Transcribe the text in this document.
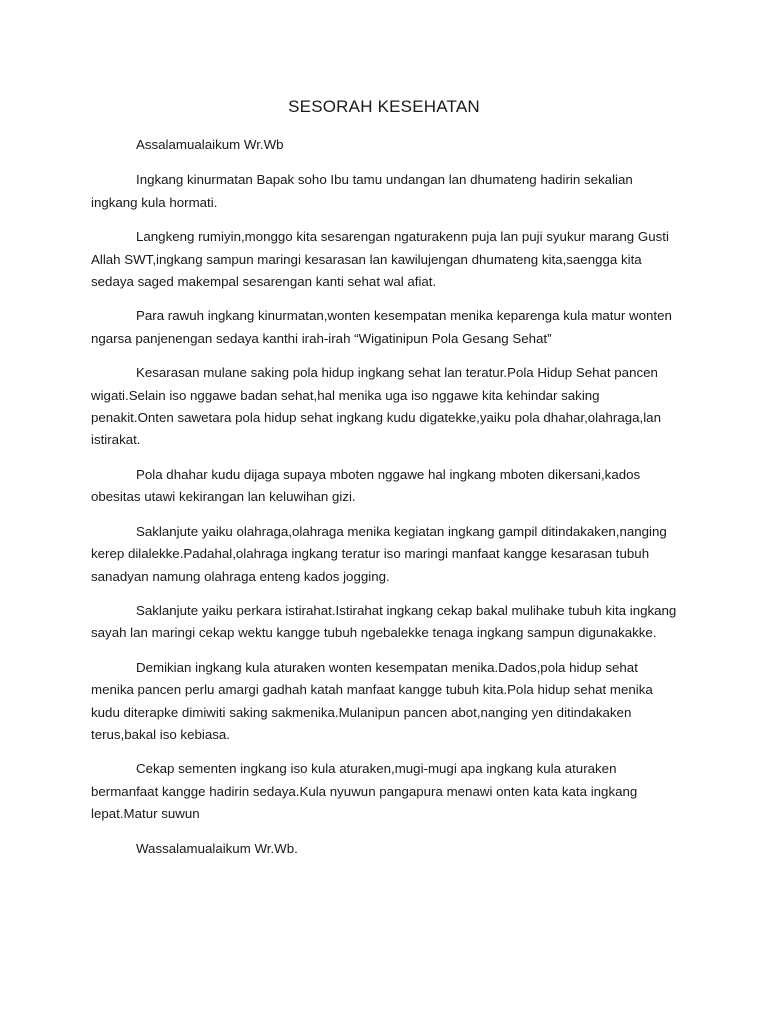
SESORAH KESEHATAN

Assalamualaikum Wr.Wb

Ingkang kinurmatan Bapak soho Ibu tamu undangan lan dhumateng hadirin sekalian ingkang kula hormati.

Langkeng rumiyin,monggo kita sesarengan ngaturakenn puja lan puji syukur marang Gusti Allah SWT,ingkang sampun maringi kesarasan lan kawilujengan dhumateng kita,saengga kita sedaya saged makempal sesarengan kanti sehat wal afiat.

Para rawuh ingkang kinurmatan,wonten kesempatan menika keparenga kula matur wonten ngarsa panjenengan sedaya kanthi irah-irah “Wigatinipun Pola Gesang Sehat”

Kesarasan mulane saking pola hidup ingkang sehat lan teratur.Pola Hidup Sehat pancen wigati.Selain iso nggawe badan sehat,hal menika uga iso nggawe kita kehindar saking penakit.Onten sawetara pola hidup sehat ingkang kudu digatekke,yaiku pola dhahar,olahraga,lan istirakat.

Pola dhahar kudu dijaga supaya mboten nggawe hal ingkang mboten dikersani,kados obesitas utawi kekirangan lan keluwihan gizi.

Saklanjute yaiku olahraga,olahraga menika kegiatan ingkang gampil ditindakaken,nanging kerep dilalekke.Padahal,olahraga ingkang teratur iso maringi manfaat kangge kesarasan tubuh sanadyan namung olahraga enteng kados jogging.

Saklanjute yaiku perkara istirahat.Istirahat ingkang cekap bakal mulihake tubuh kita ingkang sayah lan maringi cekap wektu kangge tubuh ngebalekke tenaga ingkang sampun digunakakke.

Demikian ingkang kula aturaken wonten kesempatan menika.Dados,pola hidup sehat menika pancen perlu amargi gadhah katah manfaat kangge tubuh kita.Pola hidup sehat menika kudu diterapke dimiwiti saking sakmenika.Mulanipun pancen abot,nanging yen ditindakaken terus,bakal iso kebiasa.

Cekap sementen ingkang iso kula aturaken,mugi-mugi apa ingkang kula aturaken bermanfaat kangge hadirin sedaya.Kula nyuwun pangapura menawi onten kata kata ingkang lepat.Matur suwun

Wassalamualaikum Wr.Wb.
